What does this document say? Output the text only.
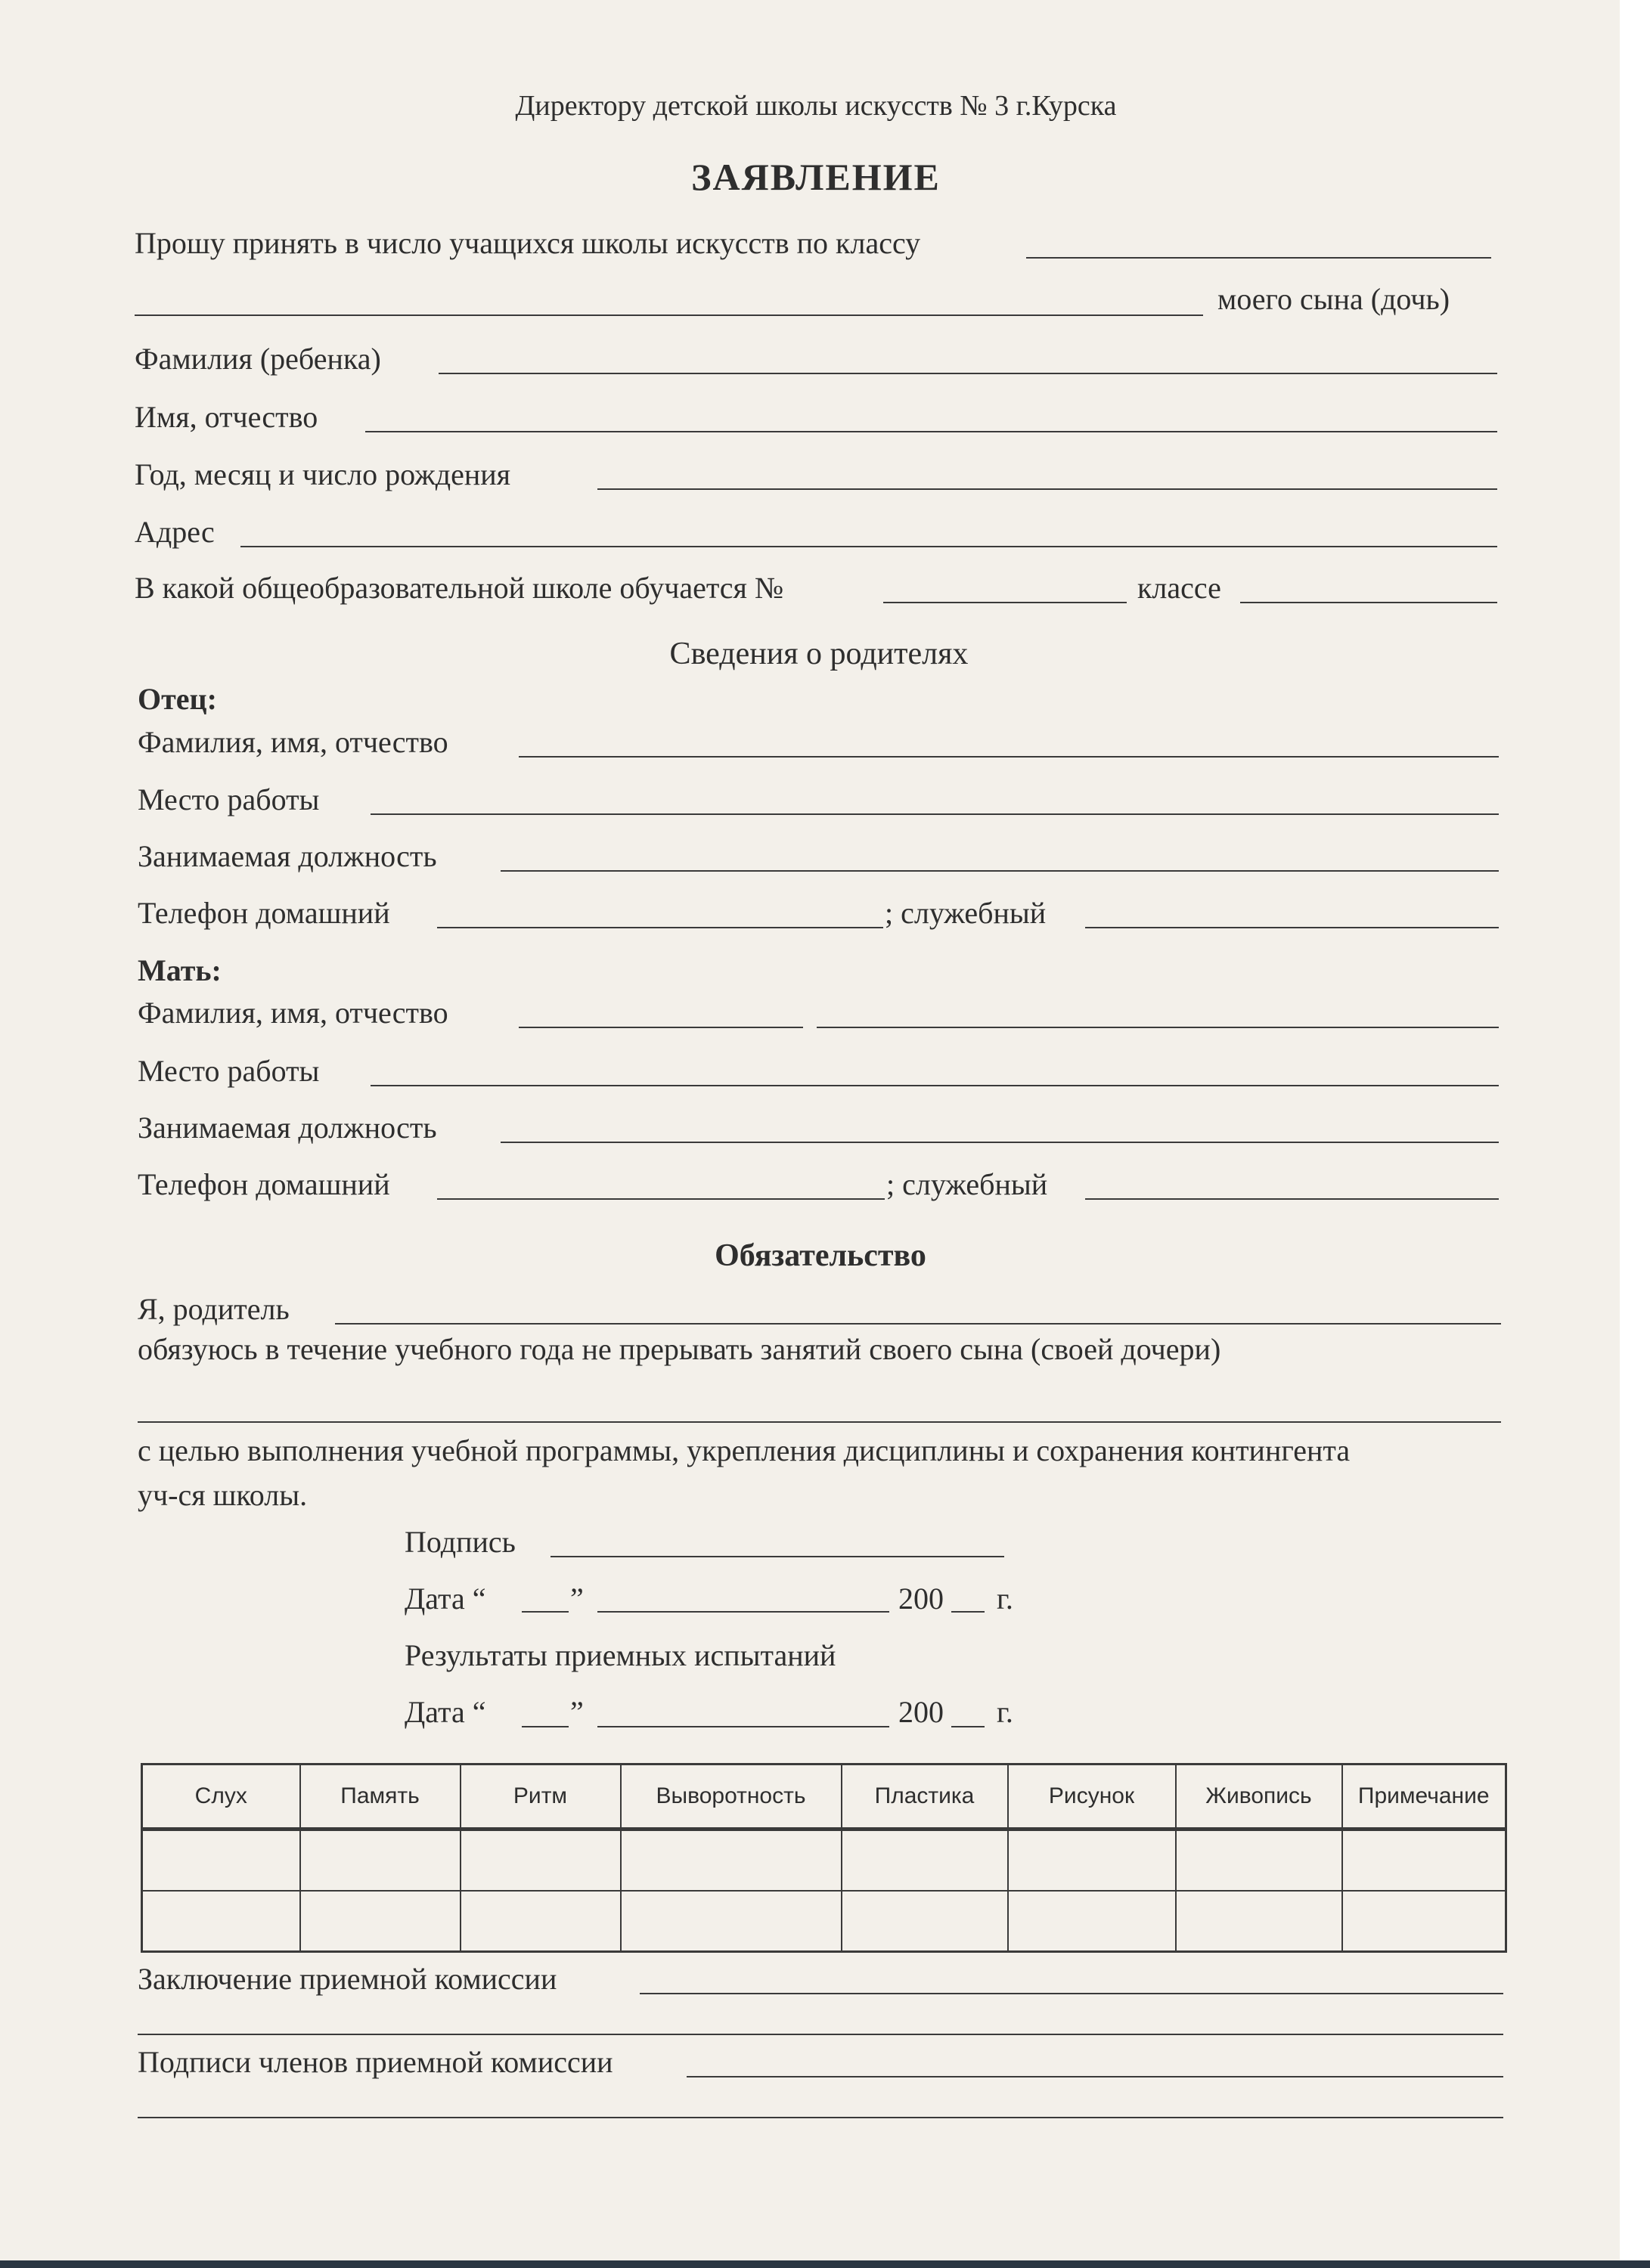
Директору детской школы искусств № 3 г.Курска
ЗАЯВЛЕНИЕ
Прошу принять в число учащихся школы искусств по классу
моего сына (дочь)
Фамилия (ребенка)
Имя, отчество
Год, месяц и число рождения
Адрес
В какой общеобразовательной школе обучается №	классе
Сведения о родителях
Отец:
Фамилия, имя, отчество
Место работы
Занимаемая должность
Телефон домашний	; служебный
Мать:
Фамилия, имя, отчество
Место работы
Занимаемая должность
Телефон домашний	; служебный
Обязательство
Я, родитель
обязуюсь в течение учебного года не прерывать занятий своего сына (своей дочери)
с целью выполнения учебной программы, укрепления дисциплины и сохранения контингента
уч-ся школы.
Подпись
Дата “	”	200 г.
Результаты приемных испытаний
Дата “	”	200 г.
Слух	Память	Ритм	Выворотность	Пластика	Рисунок	Живопись	Примечание

Заключение приемной комиссии
Подписи членов приемной комиссии
